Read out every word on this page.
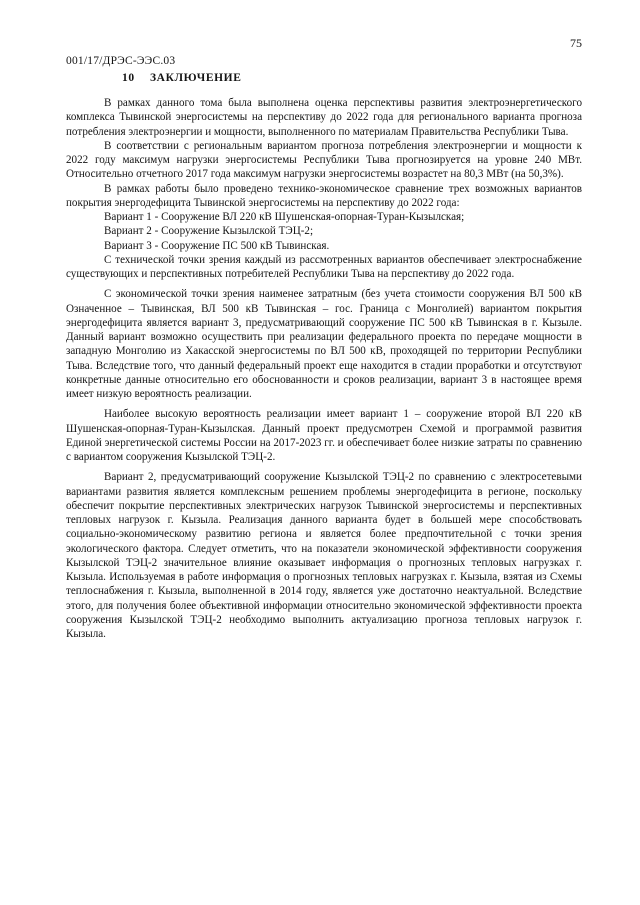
75
001/17/ДРЭС-ЭЭС.03
10 ЗАКЛЮЧЕНИЕ

В рамках данного тома была выполнена оценка перспективы развития электроэнергетического комплекса Тывинской энергосистемы на перспективу до 2022 года для регионального варианта прогноза потребления электроэнергии и мощности, выполненного по материалам Правительства Республики Тыва.

В соответствии с региональным вариантом прогноза потребления электроэнергии и мощности к 2022 году максимум нагрузки энергосистемы Республики Тыва прогнозируется на уровне 240 МВт. Относительно отчетного 2017 года максимум нагрузки энергосистемы возрастет на 80,3 МВт (на 50,3%).

В рамках работы было проведено технико-экономическое сравнение трех возможных вариантов покрытия энергодефицита Тывинской энергосистемы на перспективу до 2022 года:

Вариант 1 - Сооружение ВЛ 220 кВ Шушенская-опорная-Туран-Кызылская;

Вариант 2 - Сооружение Кызылской ТЭЦ-2;

Вариант 3 - Сооружение ПС 500 кВ Тывинская.

С технической точки зрения каждый из рассмотренных вариантов обеспечивает электроснабжение существующих и перспективных потребителей Республики Тыва на перспективу до 2022 года.

С экономической точки зрения наименее затратным (без учета стоимости сооружения ВЛ 500 кВ Означенное – Тывинская, ВЛ 500 кВ Тывинская – гос. Граница с Монголией) вариантом покрытия энергодефицита является вариант 3, предусматривающий сооружение ПС 500 кВ Тывинская в г. Кызыле. Данный вариант возможно осуществить при реализации федерального проекта по передаче мощности в западную Монголию из Хакасской энергосистемы по ВЛ 500 кВ, проходящей по территории Республики Тыва. Вследствие того, что данный федеральный проект еще находится в стадии проработки и отсутствуют конкретные данные относительно его обоснованности и сроков реализации, вариант 3 в настоящее время имеет низкую вероятность реализации.

Наиболее высокую вероятность реализации имеет вариант 1 – сооружение второй ВЛ 220 кВ Шушенская-опорная-Туран-Кызылская. Данный проект предусмотрен Схемой и программой развития Единой энергетической системы России на 2017-2023 гг. и обеспечивает более низкие затраты по сравнению с вариантом сооружения Кызылской ТЭЦ-2.

Вариант 2, предусматривающий сооружение Кызылской ТЭЦ-2 по сравнению с электросетевыми вариантами развития является комплексным решением проблемы энергодефицита в регионе, поскольку обеспечит покрытие перспективных электрических нагрузок Тывинской энергосистемы и перспективных тепловых нагрузок г. Кызыла. Реализация данного варианта будет в большей мере способствовать социально-экономическому развитию региона и является более предпочтительной с точки зрения экологического фактора. Следует отметить, что на показатели экономической эффективности сооружения Кызылской ТЭЦ-2 значительное влияние оказывает информация о прогнозных тепловых нагрузках г. Кызыла. Используемая в работе информация о прогнозных тепловых нагрузках г. Кызыла, взятая из Схемы теплоснабжения г. Кызыла, выполненной в 2014 году, является уже достаточно неактуальной. Вследствие этого, для получения более объективной информации относительно экономической эффективности проекта сооружения Кызылской ТЭЦ-2 необходимо выполнить актуализацию прогноза тепловых нагрузок г. Кызыла.
